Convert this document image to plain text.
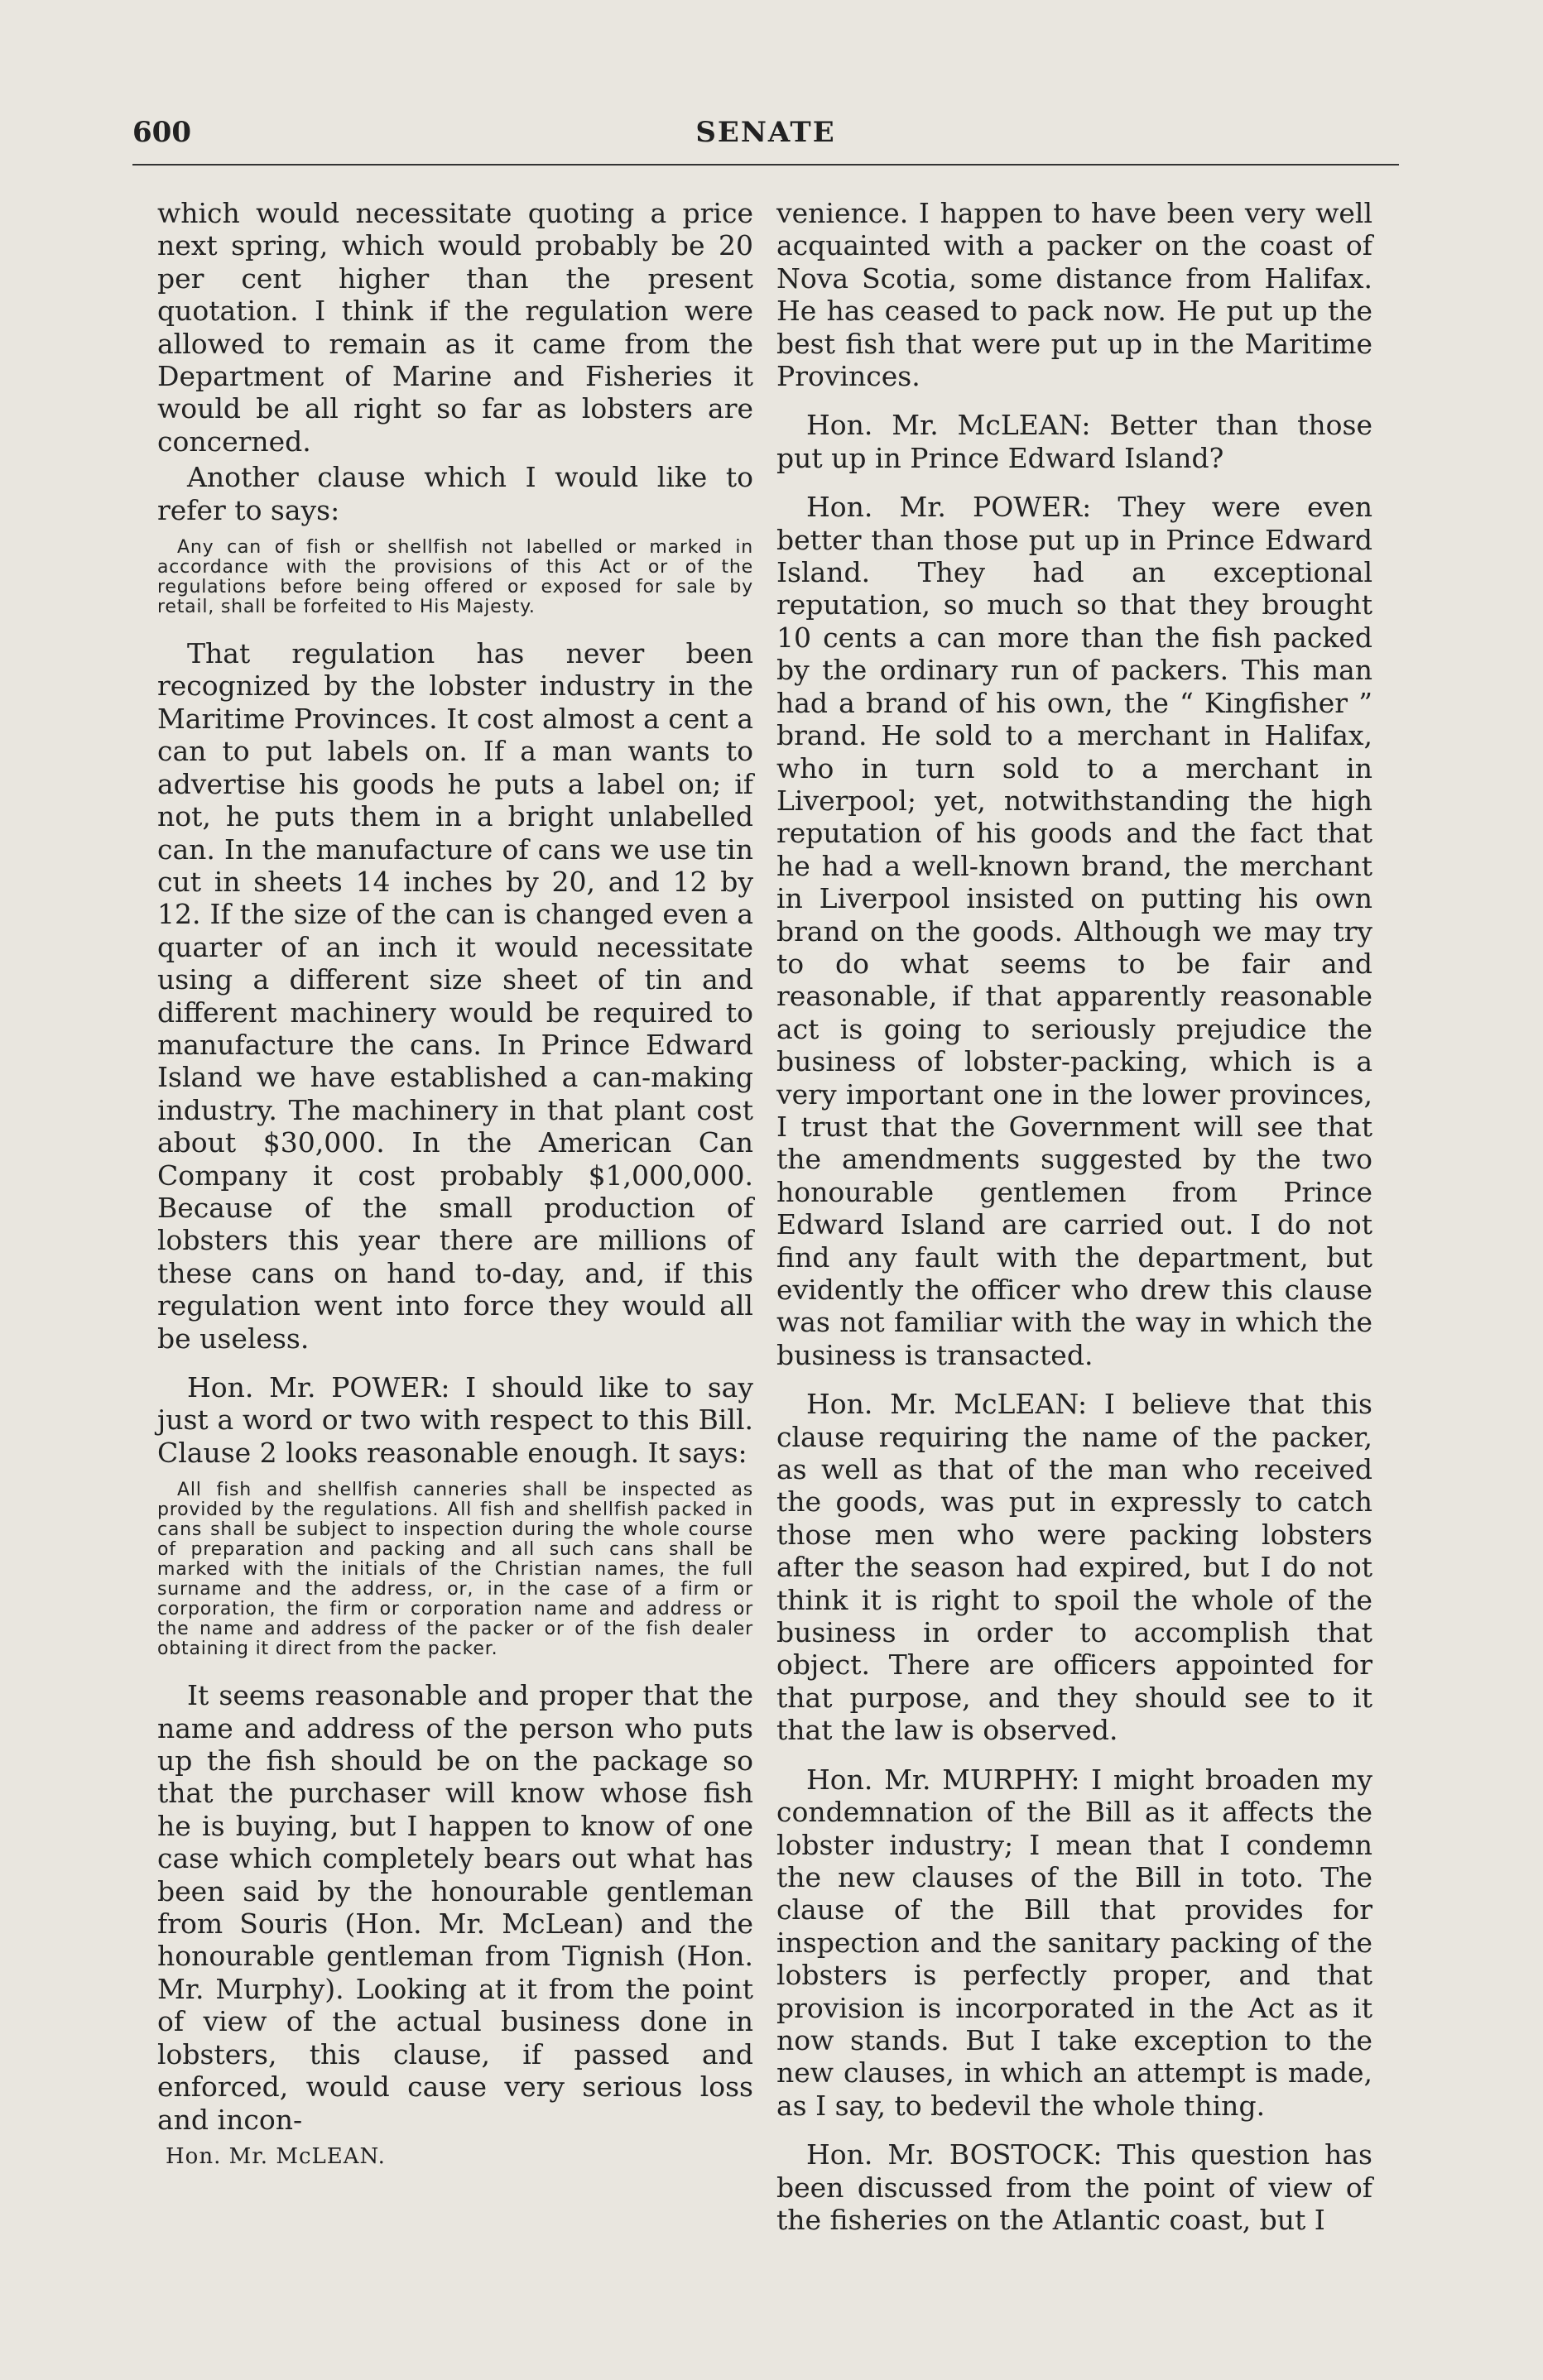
600	SENATE

which would necessitate quoting a price next spring, which would probably be 20 per cent higher than the present quotation. I think if the regulation were allowed to remain as it came from the Department of Marine and Fisheries it would be all right so far as lobsters are concerned.

Another clause which I would like to refer to says:

Any can of fish or shellfish not labelled or marked in accordance with the provisions of this Act or of the regulations before being offered or exposed for sale by retail, shall be forfeited to His Majesty.

That regulation has never been recognized by the lobster industry in the Maritime Provinces. It cost almost a cent a can to put labels on. If a man wants to advertise his goods he puts a label on; if not, he puts them in a bright unlabelled can. In the manufacture of cans we use tin cut in sheets 14 inches by 20, and 12 by 12. If the size of the can is changed even a quarter of an inch it would necessitate using a different size sheet of tin and different machinery would be required to manufacture the cans. In Prince Edward Island we have established a can-making industry. The machinery in that plant cost about $30,000. In the American Can Company it cost probably $1,000,000. Because of the small production of lobsters this year there are millions of these cans on hand to-day, and, if this regulation went into force they would all be useless.

Hon. Mr. POWER: I should like to say just a word or two with respect to this Bill. Clause 2 looks reasonable enough. It says:

All fish and shellfish canneries shall be inspected as provided by the regulations. All fish and shellfish packed in cans shall be subject to inspection during the whole course of preparation and packing and all such cans shall be marked with the initials of the Christian names, the full surname and the address, or, in the case of a firm or corporation, the firm or corporation name and address or the name and address of the packer or of the fish dealer obtaining it direct from the packer.

It seems reasonable and proper that the name and address of the person who puts up the fish should be on the package so that the purchaser will know whose fish he is buying, but I happen to know of one case which completely bears out what has been said by the honourable gentleman from Souris (Hon. Mr. McLean) and the honourable gentleman from Tignish (Hon. Mr. Murphy). Looking at it from the point of view of the actual business done in lobsters, this clause, if passed and enforced, would cause very serious loss and incon-

Hon. Mr. McLEAN.

venience. I happen to have been very well acquainted with a packer on the coast of Nova Scotia, some distance from Halifax. He has ceased to pack now. He put up the best fish that were put up in the Maritime Provinces.

Hon. Mr. McLEAN: Better than those put up in Prince Edward Island?

Hon. Mr. POWER: They were even better than those put up in Prince Edward Island. They had an exceptional reputation, so much so that they brought 10 cents a can more than the fish packed by the ordinary run of packers. This man had a brand of his own, the “ Kingfisher ” brand. He sold to a merchant in Halifax, who in turn sold to a merchant in Liverpool; yet, notwithstanding the high reputation of his goods and the fact that he had a well-known brand, the merchant in Liverpool insisted on putting his own brand on the goods. Although we may try to do what seems to be fair and reasonable, if that apparently reasonable act is going to seriously prejudice the business of lobster-packing, which is a very important one in the lower provinces, I trust that the Government will see that the amendments suggested by the two honourable gentlemen from Prince Edward Island are carried out. I do not find any fault with the department, but evidently the officer who drew this clause was not familiar with the way in which the business is transacted.

Hon. Mr. McLEAN: I believe that this clause requiring the name of the packer, as well as that of the man who received the goods, was put in expressly to catch those men who were packing lobsters after the season had expired, but I do not think it is right to spoil the whole of the business in order to accomplish that object. There are officers appointed for that purpose, and they should see to it that the law is observed.

Hon. Mr. MURPHY: I might broaden my condemnation of the Bill as it affects the lobster industry; I mean that I condemn the new clauses of the Bill in toto. The clause of the Bill that provides for inspection and the sanitary packing of the lobsters is perfectly proper, and that provision is incorporated in the Act as it now stands. But I take exception to the new clauses, in which an attempt is made, as I say, to bedevil the whole thing.

Hon. Mr. BOSTOCK: This question has been discussed from the point of view of the fisheries on the Atlantic coast, but I
